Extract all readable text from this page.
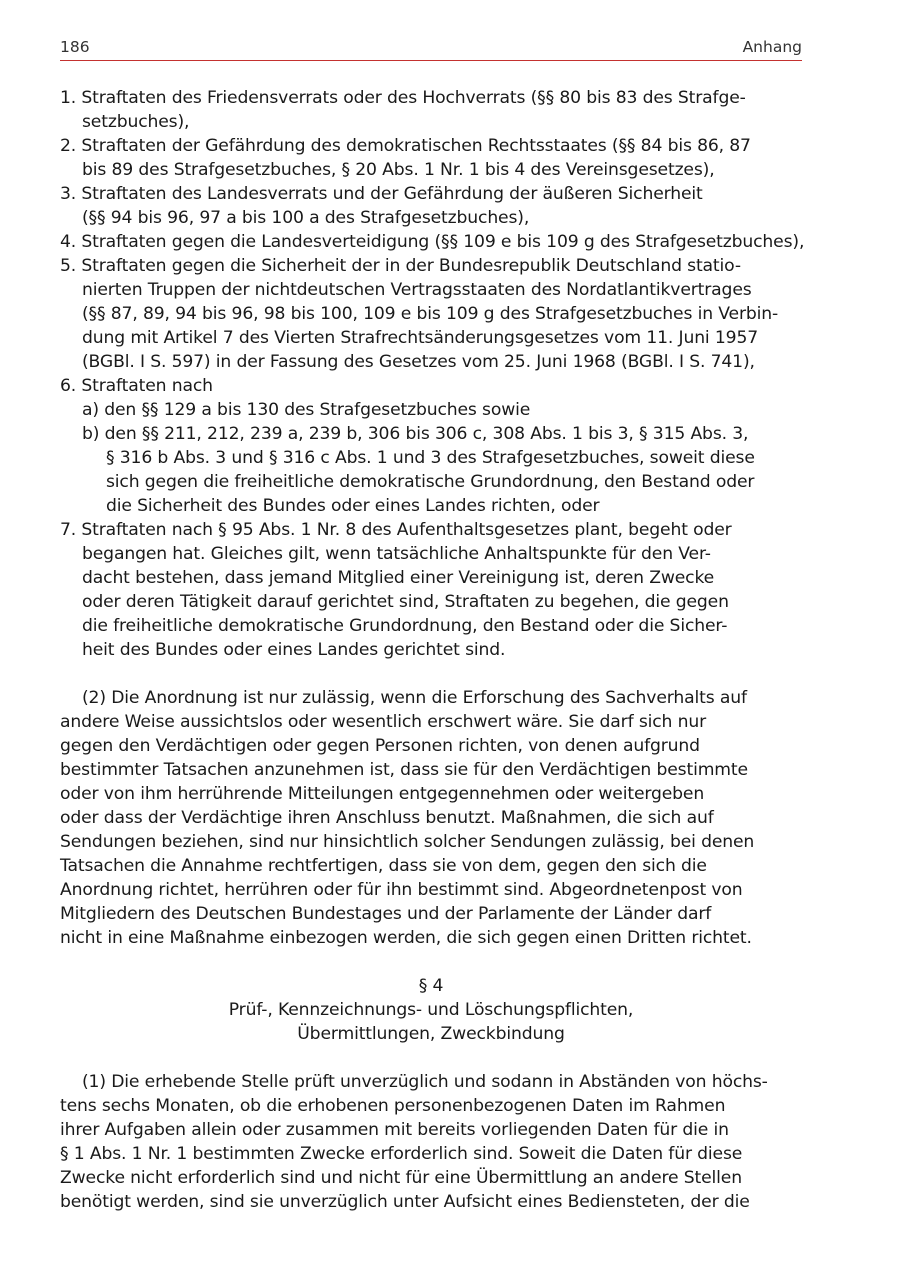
186	Anhang
1. Straftaten des Friedensverrats oder des Hochverrats (§§ 80 bis 83 des Strafge-
setzbuches),
2. Straftaten der Gefährdung des demokratischen Rechtsstaates (§§ 84 bis 86, 87
bis 89 des Strafgesetzbuches, § 20 Abs. 1 Nr. 1 bis 4 des Vereinsgesetzes),
3. Straftaten des Landesverrats und der Gefährdung der äußeren Sicherheit
(§§ 94 bis 96, 97 a bis 100 a des Strafgesetzbuches),
4. Straftaten gegen die Landesverteidigung (§§ 109 e bis 109 g des Strafgesetzbuches),
5. Straftaten gegen die Sicherheit der in der Bundesrepublik Deutschland statio-
nierten Truppen der nichtdeutschen Vertragsstaaten des Nordatlantikvertrages
(§§ 87, 89, 94 bis 96, 98 bis 100, 109 e bis 109 g des Strafgesetzbuches in Verbin-
dung mit Artikel 7 des Vierten Strafrechtsänderungsgesetzes vom 11. Juni 1957
(BGBl. I S. 597) in der Fassung des Gesetzes vom 25. Juni 1968 (BGBl. I S. 741),
6. Straftaten nach
a) den §§ 129 a bis 130 des Strafgesetzbuches sowie
b) den §§ 211, 212, 239 a, 239 b, 306 bis 306 c, 308 Abs. 1 bis 3, § 315 Abs. 3,
§ 316 b Abs. 3 und § 316 c Abs. 1 und 3 des Strafgesetzbuches, soweit diese
sich gegen die freiheitliche demokratische Grundordnung, den Bestand oder
die Sicherheit des Bundes oder eines Landes richten, oder
7. Straftaten nach § 95 Abs. 1 Nr. 8 des Aufenthaltsgesetzes plant, begeht oder
begangen hat. Gleiches gilt, wenn tatsächliche Anhaltspunkte für den Ver-
dacht bestehen, dass jemand Mitglied einer Vereinigung ist, deren Zwecke
oder deren Tätigkeit darauf gerichtet sind, Straftaten zu begehen, die gegen
die freiheitliche demokratische Grundordnung, den Bestand oder die Sicher-
heit des Bundes oder eines Landes gerichtet sind.
(2) Die Anordnung ist nur zulässig, wenn die Erforschung des Sachverhalts auf
andere Weise aussichtslos oder wesentlich erschwert wäre. Sie darf sich nur
gegen den Verdächtigen oder gegen Personen richten, von denen aufgrund
bestimmter Tatsachen anzunehmen ist, dass sie für den Verdächtigen bestimmte
oder von ihm herrührende Mitteilungen entgegennehmen oder weitergeben
oder dass der Verdächtige ihren Anschluss benutzt. Maßnahmen, die sich auf
Sendungen beziehen, sind nur hinsichtlich solcher Sendungen zulässig, bei denen
Tatsachen die Annahme rechtfertigen, dass sie von dem, gegen den sich die
Anordnung richtet, herrühren oder für ihn bestimmt sind. Abgeordnetenpost von
Mitgliedern des Deutschen Bundestages und der Parlamente der Länder darf
nicht in eine Maßnahme einbezogen werden, die sich gegen einen Dritten richtet.
§ 4
Prüf-, Kennzeichnungs- und Löschungspflichten,
Übermittlungen, Zweckbindung
(1) Die erhebende Stelle prüft unverzüglich und sodann in Abständen von höchs-
tens sechs Monaten, ob die erhobenen personenbezogenen Daten im Rahmen
ihrer Aufgaben allein oder zusammen mit bereits vorliegenden Daten für die in
§ 1 Abs. 1 Nr. 1 bestimmten Zwecke erforderlich sind. Soweit die Daten für diese
Zwecke nicht erforderlich sind und nicht für eine Übermittlung an andere Stellen
benötigt werden, sind sie unverzüglich unter Aufsicht eines Bediensteten, der die
